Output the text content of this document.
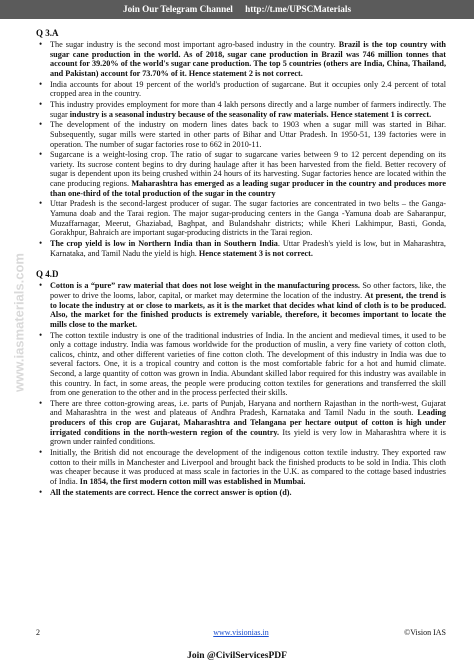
Join Our Telegram Channel http://t.me/UPSCMaterials
www.iasmaterials.com
Q 3.A
• The sugar industry is the second most important agro-based industry in the country. Brazil is the top country with sugar cane production in the world. As of 2018, sugar cane production in Brazil was 746 million tonnes that account for 39.20% of the world's sugar cane production. The top 5 countries (others are India, China, Thailand, and Pakistan) account for 73.70% of it. Hence statement 2 is not correct.
• India accounts for about 19 percent of the world's production of sugarcane. But it occupies only 2.4 percent of total cropped area in the country.
• This industry provides employment for more than 4 lakh persons directly and a large number of farmers indirectly. The sugar industry is a seasonal industry because of the seasonality of raw materials. Hence statement 1 is correct.
• The development of the industry on modern lines dates back to 1903 when a sugar mill was started in Bihar. Subsequently, sugar mills were started in other parts of Bihar and Uttar Pradesh. In 1950-51, 139 factories were in operation. The number of sugar factories rose to 662 in 2010-11.
• Sugarcane is a weight-losing crop. The ratio of sugar to sugarcane varies between 9 to 12 percent depending on its variety. Its sucrose content begins to dry during haulage after it has been harvested from the field. Better recovery of sugar is dependent upon its being crushed within 24 hours of its harvesting. Sugar factories hence are located within the cane producing regions. Maharashtra has emerged as a leading sugar producer in the country and produces more than one-third of the total production of the sugar in the country
• Uttar Pradesh is the second-largest producer of sugar. The sugar factories are concentrated in two belts – the Ganga-Yamuna doab and the Tarai region. The major sugar-producing centers in the Ganga -Yamuna doab are Saharanpur, Muzaffarnagar, Meerut, Ghaziabad, Baghpat, and Bulandshahr districts; while Kheri Lakhimpur, Basti, Gonda, Gorakhpur, Bahraich are important sugar-producing districts in the Tarai region.
• The crop yield is low in Northern India than in Southern India. Uttar Pradesh's yield is low, but in Maharashtra, Karnataka, and Tamil Nadu the yield is high. Hence statement 3 is not correct.
Q 4.D
• Cotton is a “pure” raw material that does not lose weight in the manufacturing process. So other factors, like, the power to drive the looms, labor, capital, or market may determine the location of the industry. At present, the trend is to locate the industry at or close to markets, as it is the market that decides what kind of cloth is to be produced. Also, the market for the finished products is extremely variable, therefore, it becomes important to locate the mills close to the market.
• The cotton textile industry is one of the traditional industries of India. In the ancient and medieval times, it used to be only a cottage industry. India was famous worldwide for the production of muslin, a very fine variety of cotton cloth, calicos, chintz, and other different varieties of fine cotton cloth. The development of this industry in India was due to several factors. One, it is a tropical country and cotton is the most comfortable fabric for a hot and humid climate. Second, a large quantity of cotton was grown in India. Abundant skilled labor required for this industry was available in this country. In fact, in some areas, the people were producing cotton textiles for generations and transferred the skill from one generation to the other and in the process perfected their skills.
• There are three cotton-growing areas, i.e. parts of Punjab, Haryana and northern Rajasthan in the north-west, Gujarat and Maharashtra in the west and plateaus of Andhra Pradesh, Karnataka and Tamil Nadu in the south. Leading producers of this crop are Gujarat, Maharashtra and Telangana per hectare output of cotton is high under irrigated conditions in the north-western region of the country. Its yield is very low in Maharashtra where it is grown under rainfed conditions.
• Initially, the British did not encourage the development of the indigenous cotton textile industry. They exported raw cotton to their mills in Manchester and Liverpool and brought back the finished products to be sold in India. This cloth was cheaper because it was produced at mass scale in factories in the U.K. as compared to the cottage based industries of India. In 1854, the first modern cotton mill was established in Mumbai.
• All the statements are correct. Hence the correct answer is option (d).
2	www.visionias.in	©Vision IAS
Join @CivilServicesPDF
